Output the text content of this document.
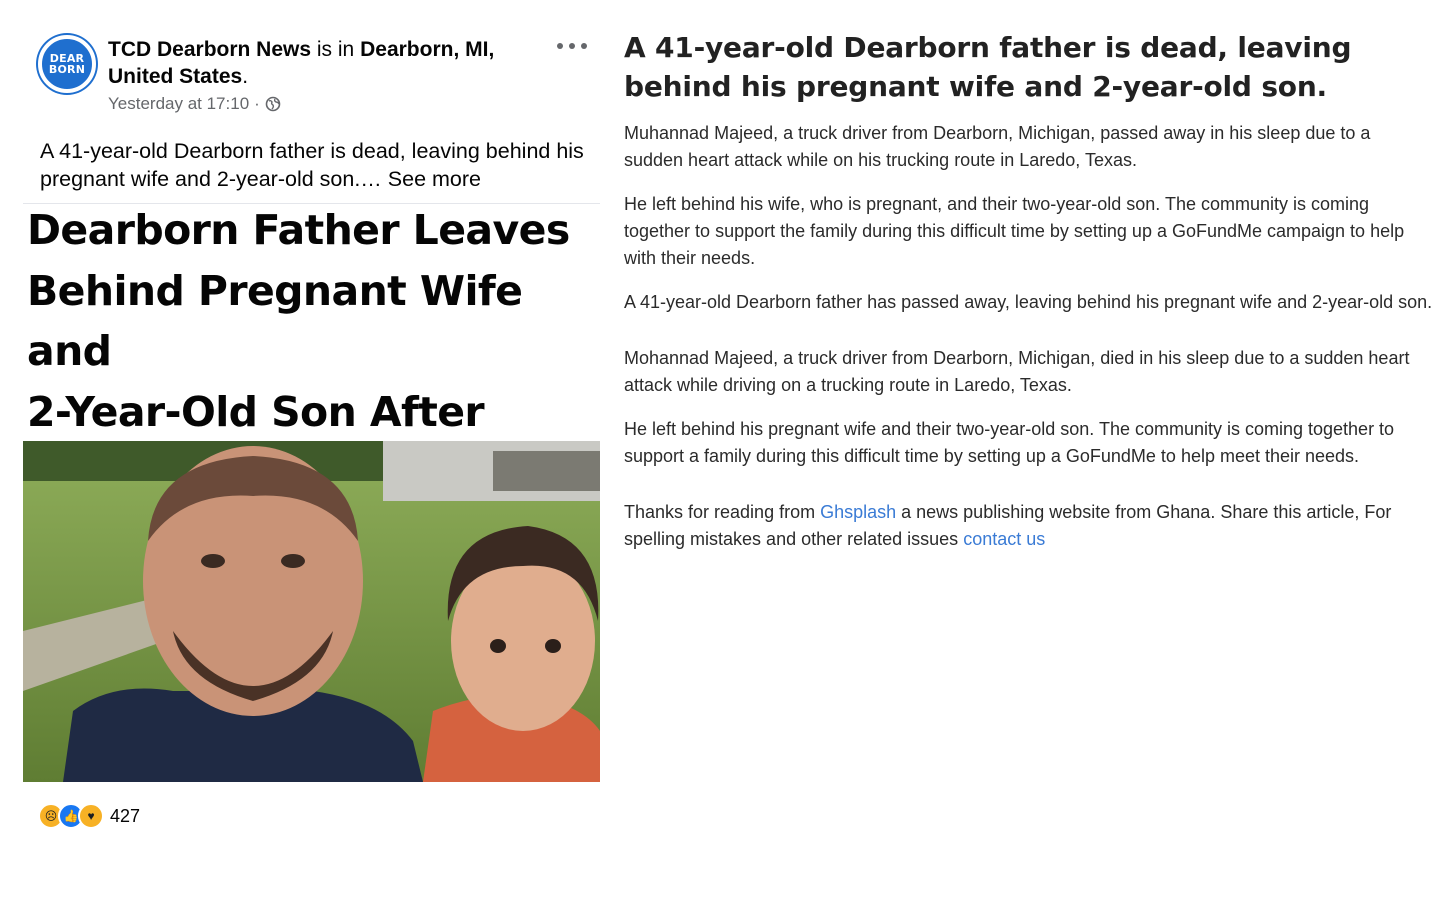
DEAR
BORN
TCD Dearborn News is in Dearborn, MI, United States.
Yesterday at 17:10 ·
A 41-year-old Dearborn father is dead, leaving behind his pregnant wife and 2-year-old son.… See more
Dearborn Father Leaves
Behind Pregnant Wife and
2-Year-Old Son After

☹ 👍 ♥ 427
A 41-year-old Dearborn father is dead, leaving behind his pregnant wife and 2-year-old son.

Muhannad Majeed, a truck driver from Dearborn, Michigan, passed away in his sleep due to a sudden heart attack while on his trucking route in Laredo, Texas.

He left behind his wife, who is pregnant, and their two-year-old son. The community is coming together to support the family during this difficult time by setting up a GoFundMe campaign to help with their needs.

A 41-year-old Dearborn father has passed away, leaving behind his pregnant wife and 2-year-old son.

Mohannad Majeed, a truck driver from Dearborn, Michigan, died in his sleep due to a sudden heart attack while driving on a trucking route in Laredo, Texas.

He left behind his pregnant wife and their two-year-old son. The community is coming together to support a family during this difficult time by setting up a GoFundMe to help meet their needs.

Thanks for reading from Ghsplash a news publishing website from Ghana. Share this article, For spelling mistakes and other related issues contact us
